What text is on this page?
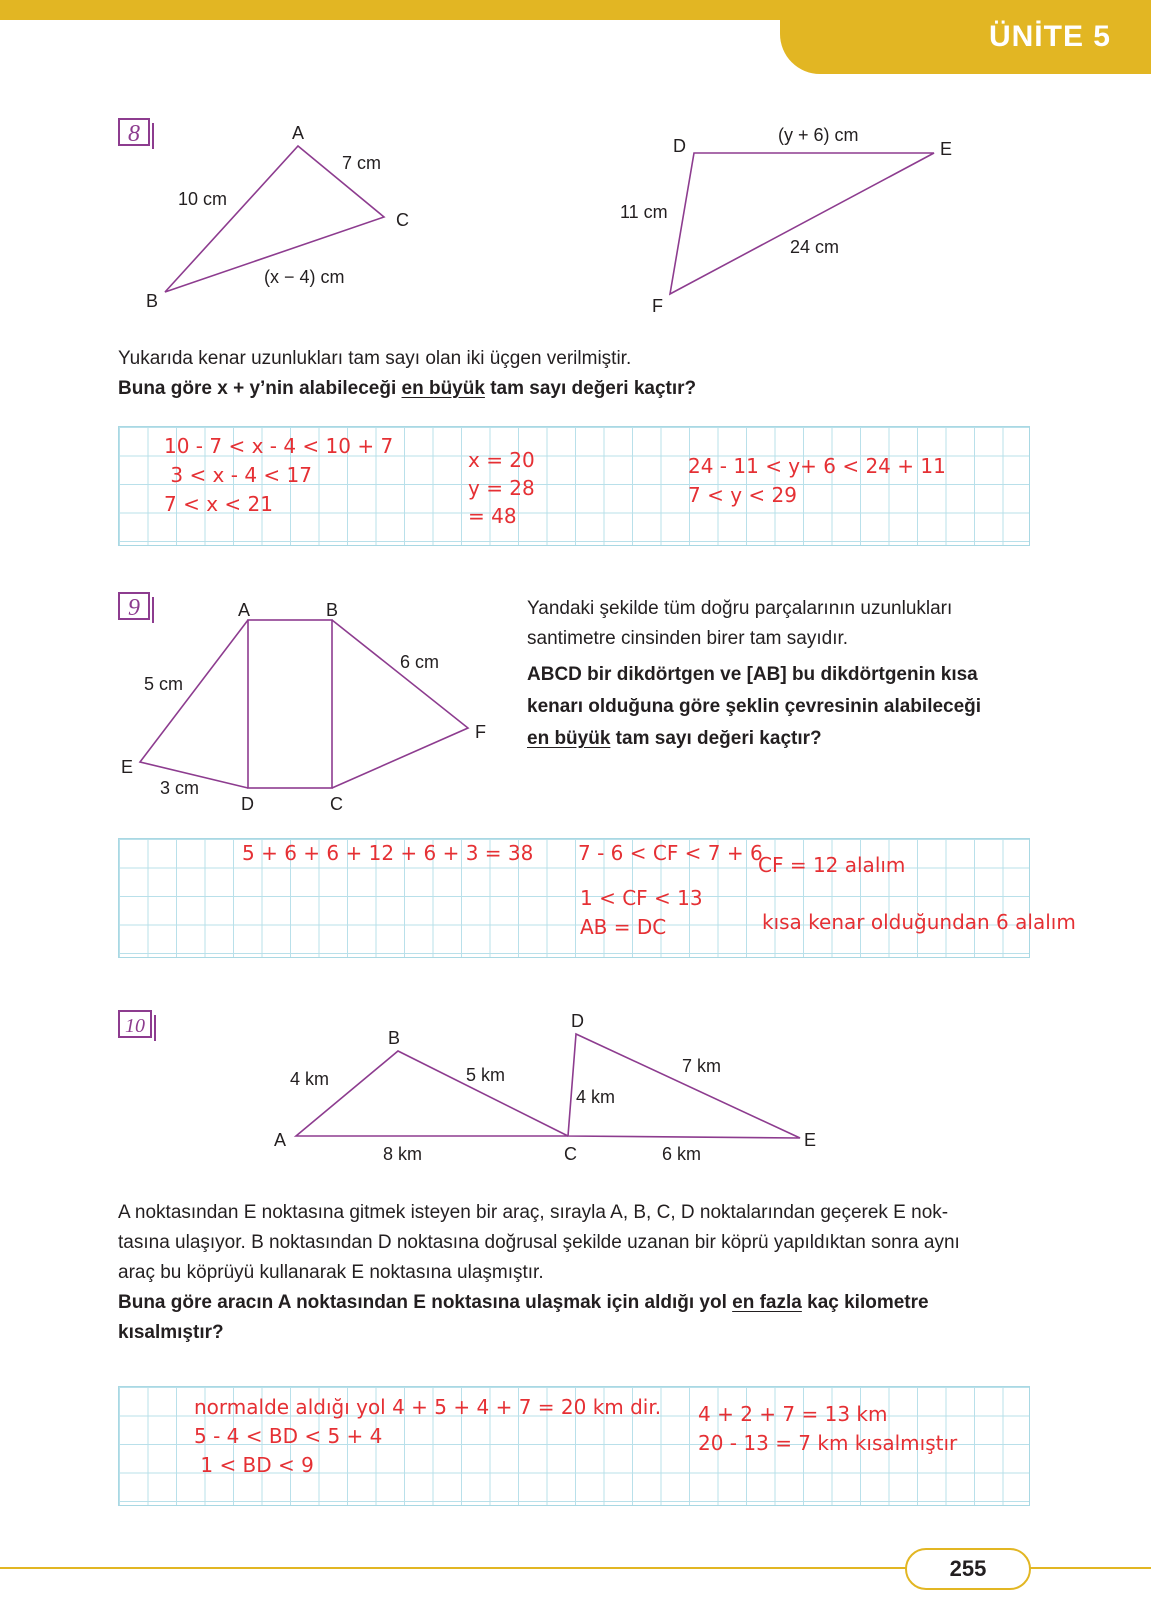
ÜNİTE 5
8	A
B
C
10 cm
7 cm
(x − 4) cm
D	E
F
(y + 6) cm
11 cm
24 cm
Yukarıda kenar uzunlukları tam sayı olan iki üçgen verilmiştir.
Buna göre x + y’nin alabileceği en büyük tam sayı değeri kaçtır?
10 - 7 < x - 4 < 10 + 7
3 < x - 4 < 17
7 < x < 21
x = 20
y = 28
= 48
24 - 11 < y+ 6 < 24 + 11
7 < y < 29
9	A	B
C
D
E
F
5 cm
6 cm
3 cm
Yandaki şekilde tüm doğru parçalarının uzunlukları
santimetre cinsinden birer tam sayıdır.
ABCD bir dikdörtgen ve [AB] bu dikdörtgenin kısa
kenarı olduğuna göre şeklin çevresinin alabileceği
en büyük tam sayı değeri kaçtır?
5 + 6 + 6 + 12 + 6 + 3 = 38 7 - 6 < CF < 7 + 6
1 < CF < 13
AB = DC
CF = 12 alalım
kısa kenar olduğundan 6 alalım
10
A
B
C
D
E
4 km	5 km
8 km
4 km
7 km
6 km
A noktasından E noktasına gitmek isteyen bir araç, sırayla A, B, C, D noktalarından geçerek E nok-
tasına ulaşıyor. B noktasından D noktasına doğrusal şekilde uzanan bir köprü yapıldıktan sonra aynı
araç bu köprüyü kullanarak E noktasına ulaşmıştır.
Buna göre aracın A noktasından E noktasına ulaşmak için aldığı yol en fazla kaç kilometre
kısalmıştır?
normalde aldığı yol 4 + 5 + 4 + 7 = 20 km dir.
5 - 4 < BD < 5 + 4
1 < BD < 9
4 + 2 + 7 = 13 km
20 - 13 = 7 km kısalmıştır
255
